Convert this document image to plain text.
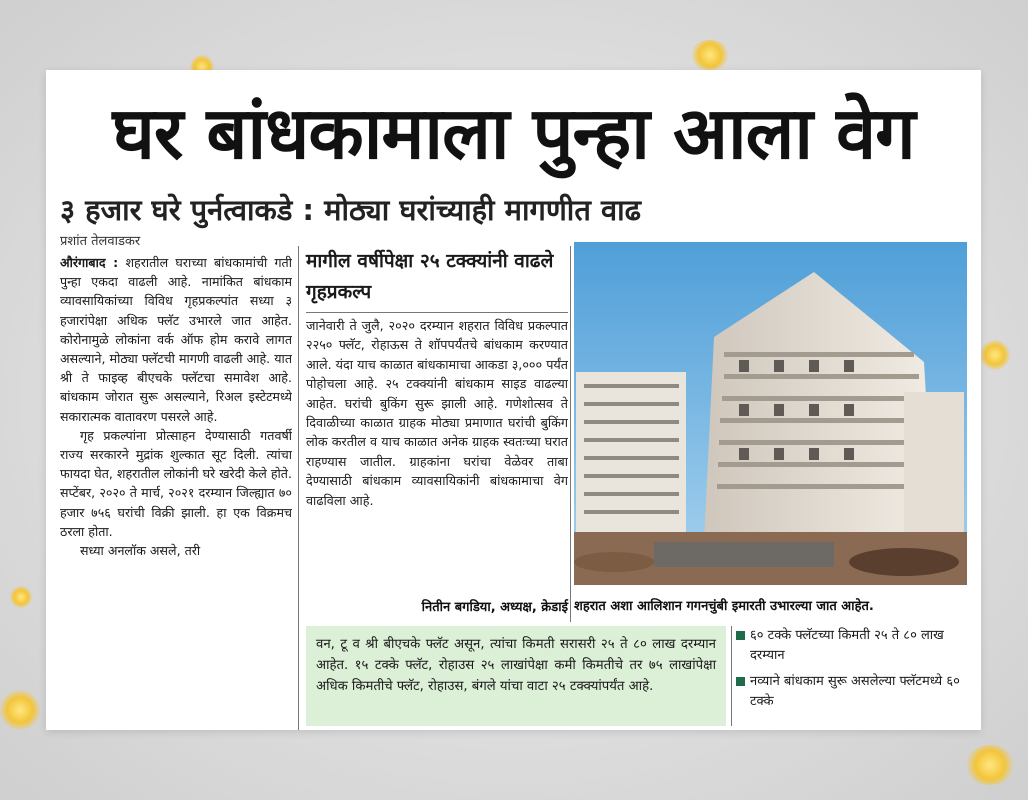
घर बांधकामाला पुन्हा आला वेग
३ हजार घरे पुर्नत्वाकडे : मोठ्या घरांच्याही मागणीत वाढ
प्रशांत तेलवाडकर

औरंगाबाद : शहरातील घराच्या बांधकामांची गती पुन्हा एकदा वाढली आहे. नामांकित बांधकाम व्यावसायिकांच्या विविध गृहप्रकल्पांत सध्या ३ हजारांपेक्षा अधिक फ्लॅट उभारले जात आहेत. कोरोनामुळे लोकांना वर्क ऑफ होम करावे लागत असल्याने, मोठ्या फ्लॅटची मागणी वाढली आहे. यात श्री ते फाइव्ह बीएचके फ्लॅटचा समावेश आहे. बांधकाम जोरात सुरू असल्याने, रिअल इस्टेटमध्ये सकारात्मक वातावरण पसरले आहे.

गृह प्रकल्पांना प्रोत्साहन देण्यासाठी गतवर्षी राज्य सरकारने मुद्रांक शुल्कात सूट दिली. त्यांचा फायदा घेत, शहरातील लोकांनी घरे खरेदी केले होते. सप्टेंबर, २०२० ते मार्च, २०२१ दरम्यान जिल्ह्यात ७० हजार ७५६ घरांची विक्री झाली. हा एक विक्रमच ठरला होता.

सध्या अनलॉक असले, तरी

मागील वर्षीपेक्षा २५ टक्क्यांनी वाढले गृहप्रकल्प
जानेवारी ते जुलै, २०२० दरम्यान शहरात विविध प्रकल्पात २२५० फ्लॅट, रोहाऊस ते शॉपपर्यंतचे बांधकाम करण्यात आले. यंदा याच काळात बांधकामाचा आकडा ३,००० पर्यंत पोहोचला आहे. २५ टक्क्यांनी बांधकाम साइड वाढल्या आहेत. घरांची बुकिंग सुरू झाली आहे. गणेशोत्सव ते दिवाळीच्या काळात ग्राहक मोठ्या प्रमाणात घरांची बुकिंग लोक करतील व याच काळात अनेक ग्राहक स्वतःच्या घरात राहण्यास जातील. ग्राहकांना घरांचा वेळेवर ताबा देण्यासाठी बांधकाम व्यावसायिकांनी बांधकामाचा वेग वाढविला आहे.
नितीन बगडिया, अध्यक्ष, क्रेडाई शहरात अशा आलिशान गगनचुंबी इमारती उभारल्या जात आहेत.
वन, टू व श्री बीएचके फ्लॅट असून, त्यांचा किमती सरासरी २५ ते ८० लाख दरम्यान आहेत. १५ टक्के फ्लॅट, रोहाउस २५ लाखांपेक्षा कमी किमतीचे तर ७५ लाखांपेक्षा अधिक किमतीचे फ्लॅट, रोहाउस, बंगले यांचा वाटा २५ टक्क्यांपर्यंत आहे.
६० टक्के फ्लॅटच्या किमती २५ ते ८० लाख दरम्यान
नव्याने बांधकाम सुरू असलेल्या फ्लॅटमध्ये ६० टक्के
